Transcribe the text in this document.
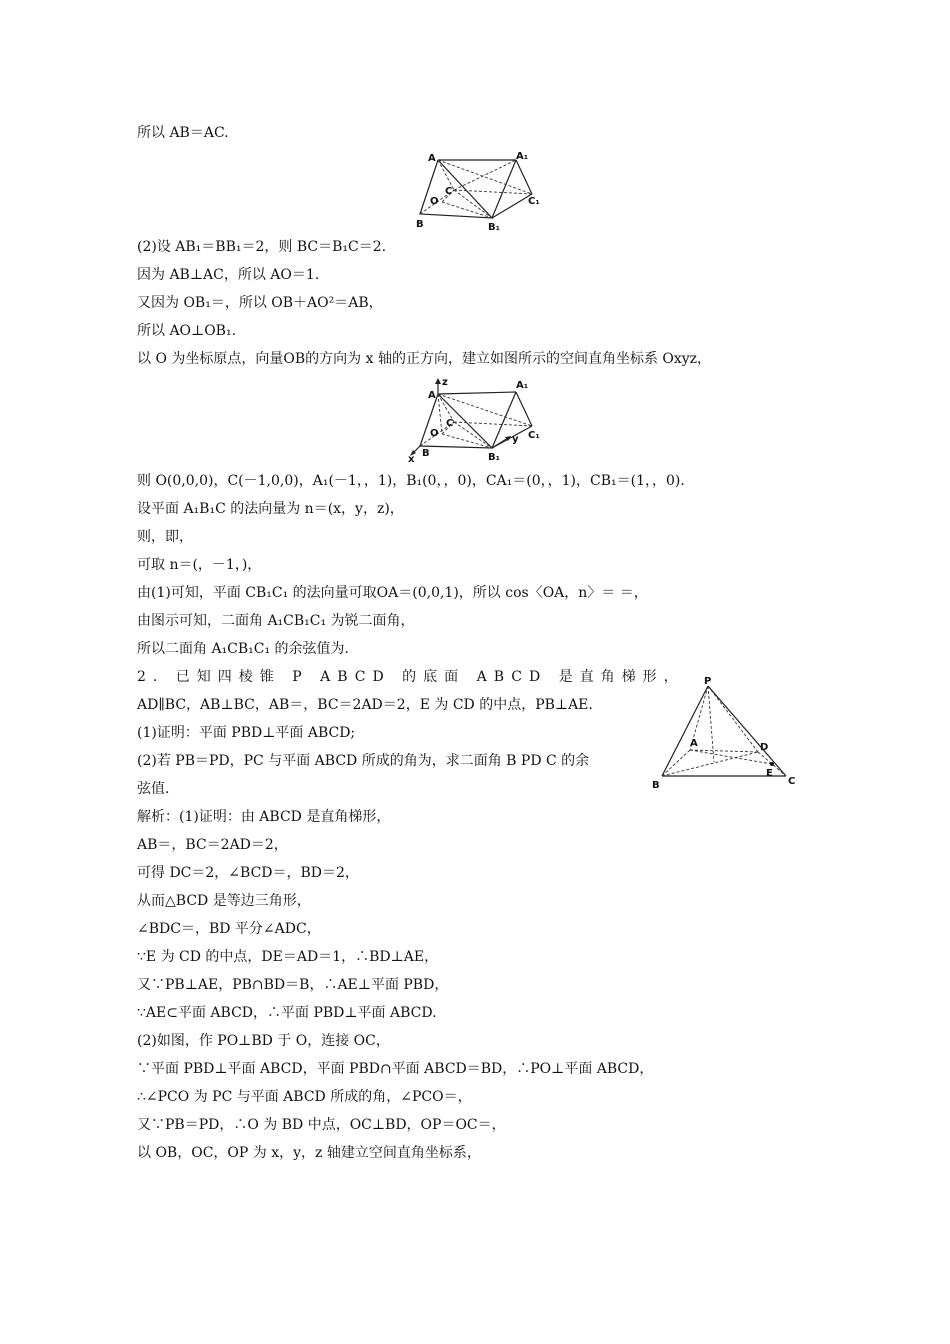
所以 AB＝AC.
A	A₁
C
C₁
O
B	B₁
(2)设 AB₁＝BB₁＝2，则 BC＝B₁C＝2.
因为 AB⊥AC，所以 AO＝1.
又因为 OB₁＝，所以 OB＋AO²＝AB，
所以 AO⊥OB₁.
以 O 为坐标原点，向量OB的方向为 x 轴的正方向，建立如图所示的空间直角坐标系 Oxyz，
A
A₁
C
C₁
O
B	B₁
x
y
z
则 O(0,0,0)，C(－1,0,0)，A₁(－1，，1)，B₁(0，，0)，CA₁＝(0，，1)，CB₁＝(1，，0).
设平面 A₁B₁C 的法向量为 n＝(x，y，z)，
则，即，
可取 n＝(，－1，)，
由(1)可知，平面 CB₁C₁ 的法向量可取OA＝(0,0,1)，所以 cos〈OA，n〉＝ ＝，
由图示可知，二面角 A₁CB₁C₁ 为锐二面角，
所以二面角 A₁CB₁C₁ 的余弦值为.
2. 已知四棱锥 P ABCD 的底面 ABCD 是直角梯形，
AD∥BC，AB⊥BC，AB＝，BC＝2AD＝2，E 为 CD 的中点，PB⊥AE.
(1)证明：平面 PBD⊥平面 ABCD;
(2)若 PB＝PD，PC 与平面 ABCD 所成的角为，求二面角 B PD C 的余
弦值.
P
A	D
E
B	C
解析：(1)证明：由 ABCD 是直角梯形，
AB＝，BC＝2AD＝2，
可得 DC＝2，∠BCD＝，BD＝2，
从而△BCD 是等边三角形，
∠BDC＝，BD 平分∠ADC，
∵E 为 CD 的中点，DE＝AD＝1，∴BD⊥AE，
又∵PB⊥AE，PB∩BD＝B，∴AE⊥平面 PBD，
∵AE⊂平面 ABCD，∴平面 PBD⊥平面 ABCD.
(2)如图，作 PO⊥BD 于 O，连接 OC，
∵平面 PBD⊥平面 ABCD，平面 PBD∩平面 ABCD＝BD，∴PO⊥平面 ABCD，
∴∠PCO 为 PC 与平面 ABCD 所成的角，∠PCO＝，
又∵PB＝PD，∴O 为 BD 中点，OC⊥BD，OP＝OC＝，
以 OB，OC，OP 为 x，y，z 轴建立空间直角坐标系，
